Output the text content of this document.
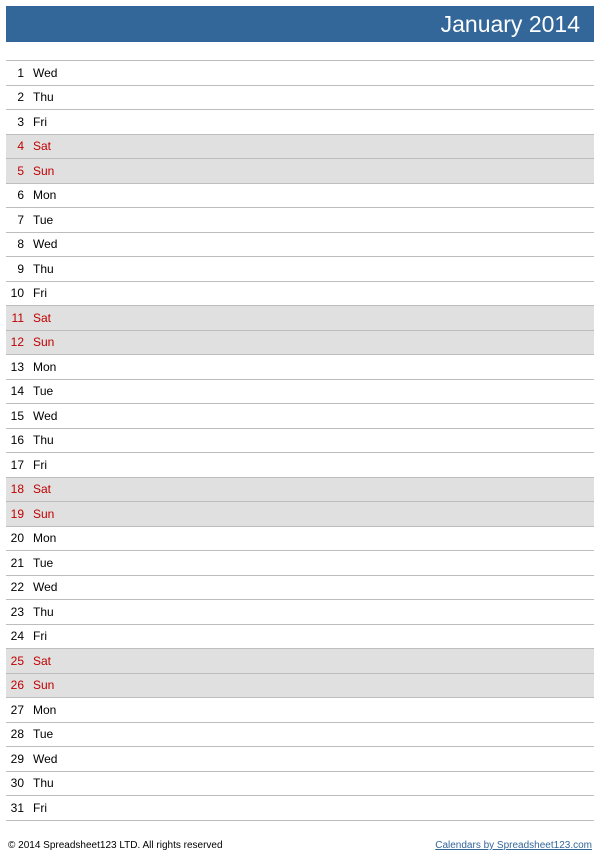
January 2014
1 Wed
2 Thu
3 Fri
4 Sat
5 Sun
6 Mon
7 Tue
8 Wed
9 Thu
10 Fri
11 Sat
12 Sun
13 Mon
14 Tue
15 Wed
16 Thu
17 Fri
18 Sat
19 Sun
20 Mon
21 Tue
22 Wed
23 Thu
24 Fri
25 Sat
26 Sun
27 Mon
28 Tue
29 Wed
30 Thu
31 Fri
© 2014 Spreadsheet123 LTD. All rights reserved	Calendars by Spreadsheet123.com
